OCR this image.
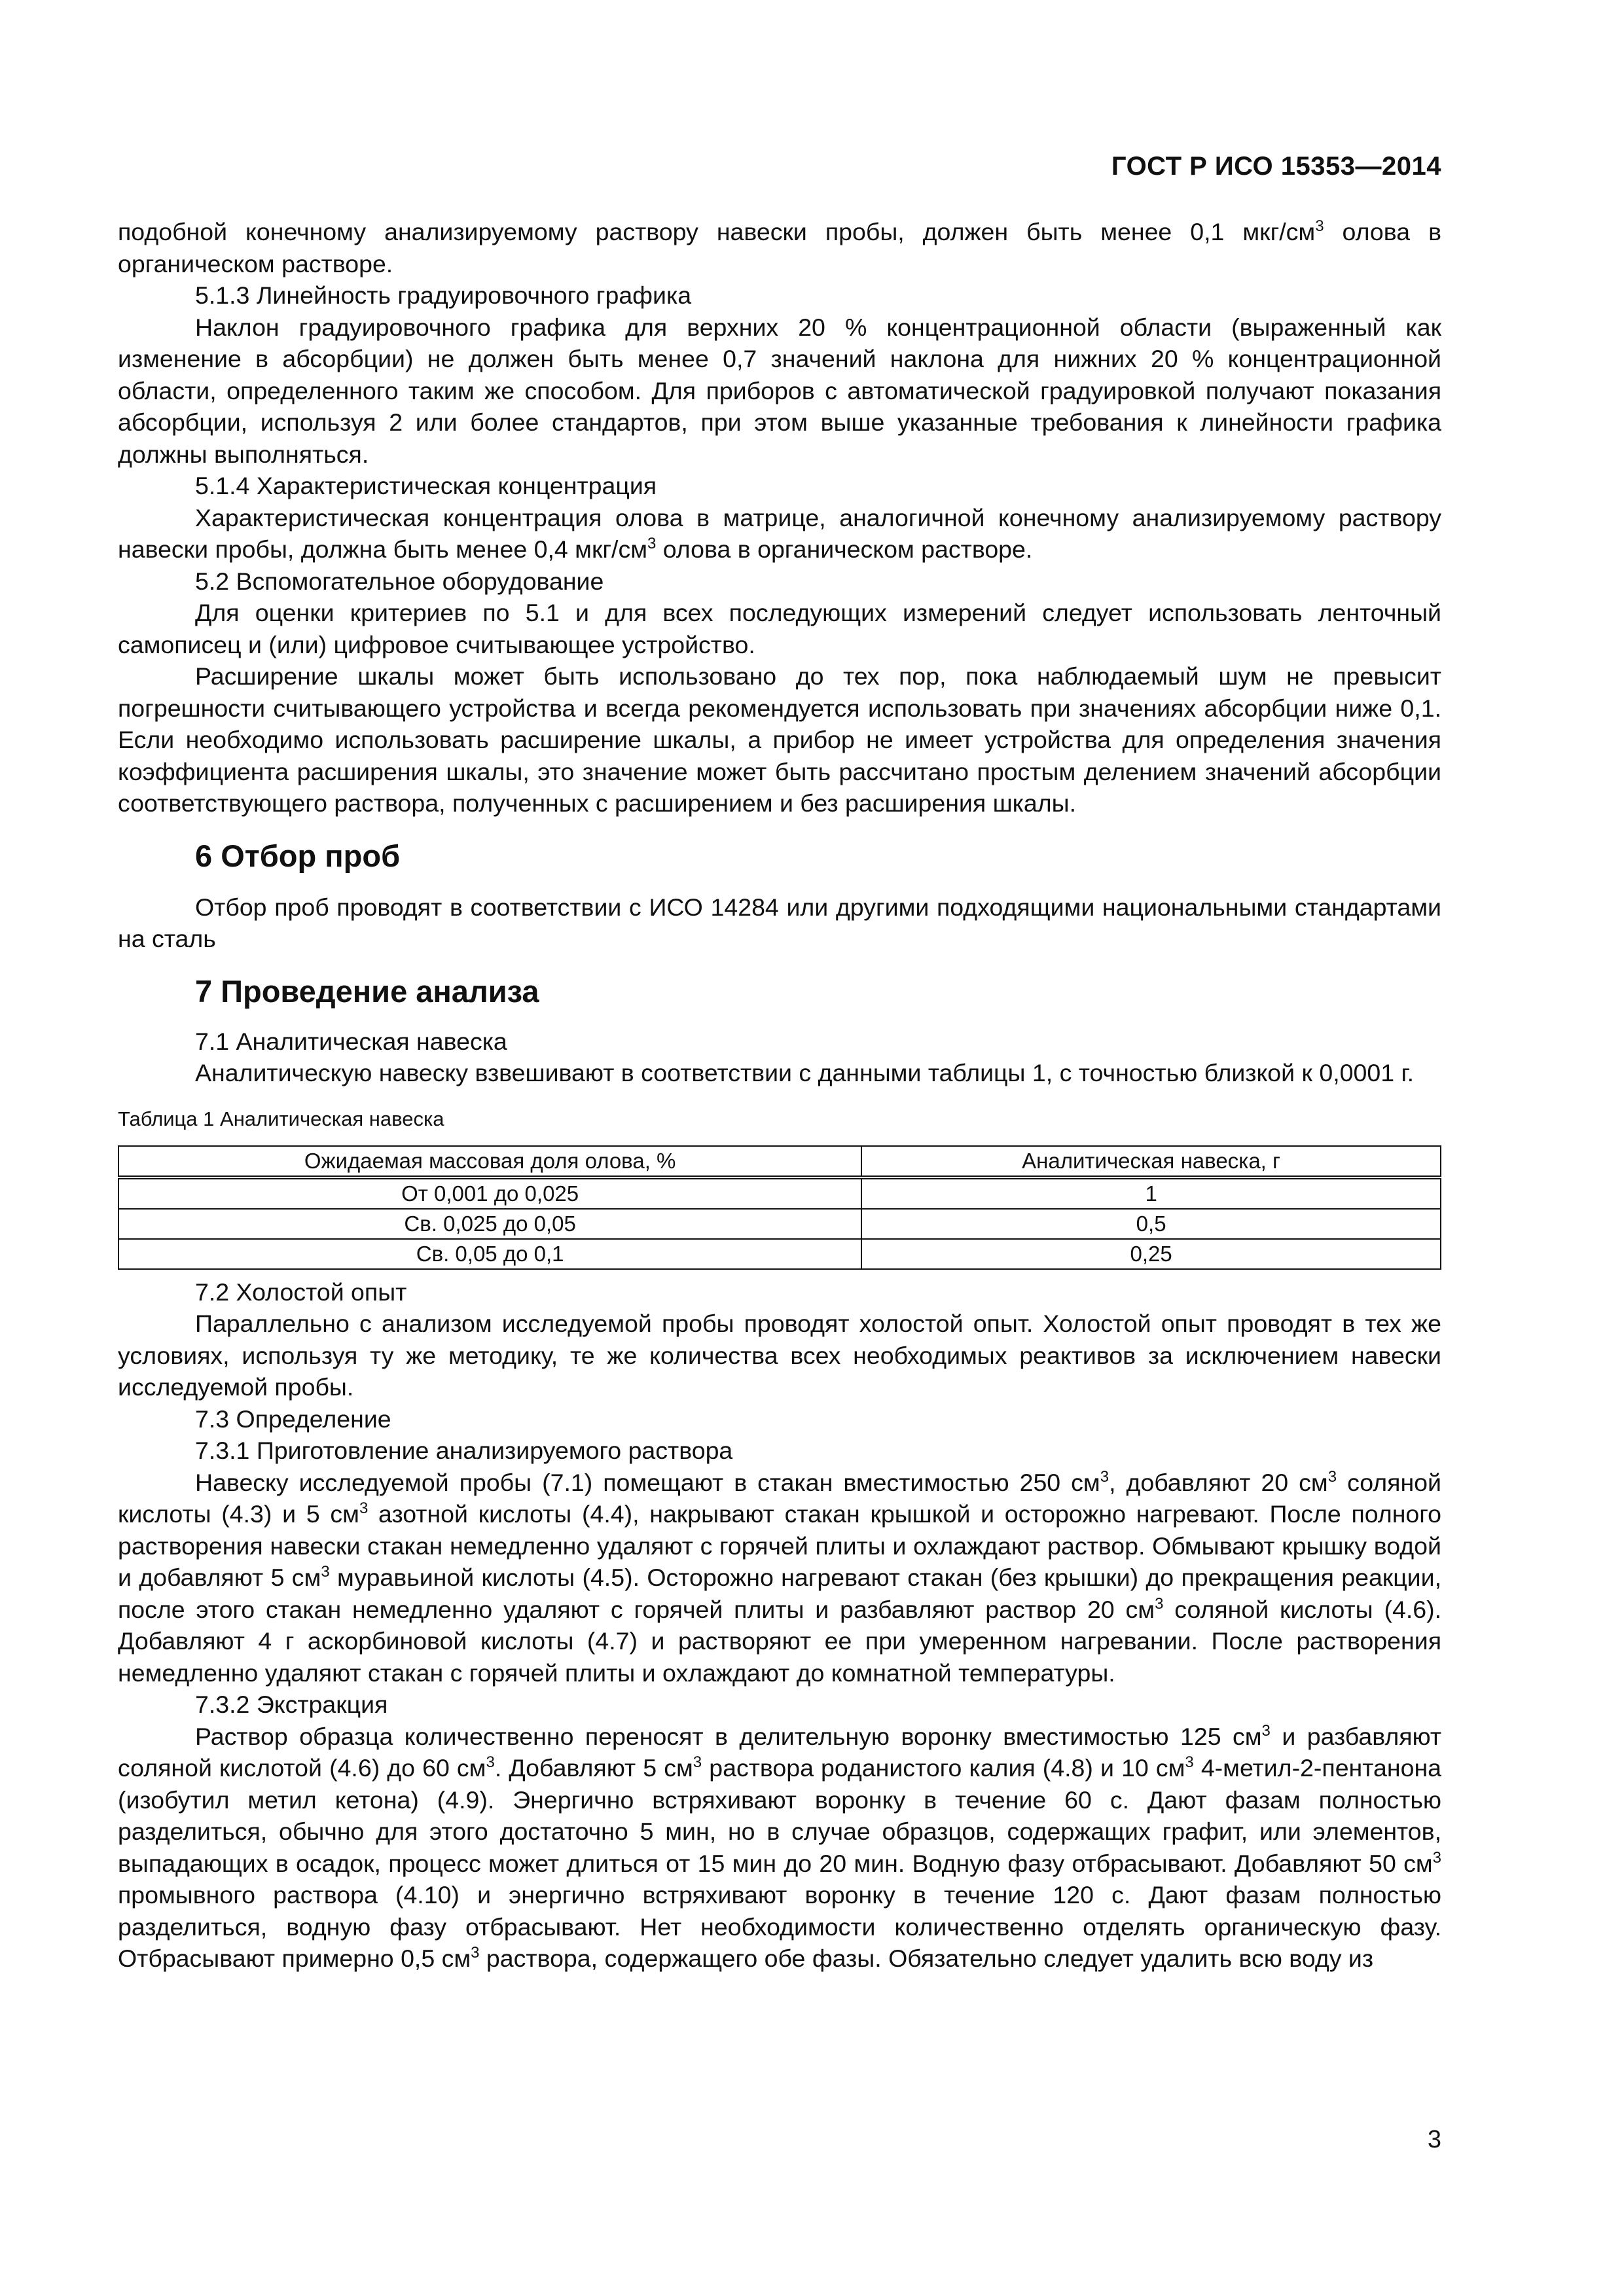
ГОСТ Р ИСО 15353—2014

подобной конечному анализируемому раствору навески пробы, должен быть менее 0,1 мкг/$см^3$ олова в органическом растворе.

5.1.3 Линейность градуировочного графика

Наклон градуировочного графика для верхних 20 % концентрационной области (выраженный как изменение в абсорбции) не должен быть менее 0,7 значений наклона для нижних 20 % концентрационной области, определенного таким же способом. Для приборов с автоматической градуировкой получают показания абсорбции, используя 2 или более стандартов, при этом выше указанные требования к линейности графика должны выполняться.

5.1.4 Характеристическая концентрация

Характеристическая концентрация олова в матрице, аналогичной конечному анализируемому раствору навески пробы, должна быть менее 0,4 мкг/$см^3$ олова в органическом растворе.

5.2 Вспомогательное оборудование

Для оценки критериев по 5.1 и для всех последующих измерений следует использовать ленточный самописец и (или) цифровое считывающее устройство.

Расширение шкалы может быть использовано до тех пор, пока наблюдаемый шум не превысит погрешности считывающего устройства и всегда рекомендуется использовать при значениях абсорбции ниже 0,1. Если необходимо использовать расширение шкалы, а прибор не имеет устройства для определения значения коэффициента расширения шкалы, это значение может быть рассчитано простым делением значений абсорбции соответствующего раствора, полученных с расширением и без расширения шкалы.

6 Отбор проб

Отбор проб проводят в соответствии с ИСО 14284 или другими подходящими национальными стандартами на сталь

7 Проведение анализа

7.1 Аналитическая навеска

Аналитическую навеску взвешивают в соответствии с данными таблицы 1, с точностью близкой к 0,0001 г.

Таблица 1 Аналитическая навеска
Ожидаемая массовая доля олова, %	Аналитическая навеска, г
От 0,001 до 0,025	1
Св. 0,025 до 0,05	0,5
Св. 0,05 до 0,1	0,25

7.2 Холостой опыт

Параллельно с анализом исследуемой пробы проводят холостой опыт. Холостой опыт проводят в тех же условиях, используя ту же методику, те же количества всех необходимых реактивов за исключением навески исследуемой пробы.

7.3 Определение

7.3.1 Приготовление анализируемого раствора

Навеску исследуемой пробы (7.1) помещают в стакан вместимостью 250 $см^3$, добавляют 20 $см^3$ соляной кислоты (4.3) и 5 $см^3$ азотной кислоты (4.4), накрывают стакан крышкой и осторожно нагревают. После полного растворения навески стакан немедленно удаляют с горячей плиты и охлаждают раствор. Обмывают крышку водой и добавляют 5 $см^3$ муравьиной кислоты (4.5). Осторожно нагревают стакан (без крышки) до прекращения реакции, после этого стакан немедленно удаляют с горячей плиты и разбавляют раствор 20 $см^3$ соляной кислоты (4.6). Добавляют 4 г аскорбиновой кислоты (4.7) и растворяют ее при умеренном нагревании. После растворения немедленно удаляют стакан с горячей плиты и охлаждают до комнатной температуры.

7.3.2 Экстракция

Раствор образца количественно переносят в делительную воронку вместимостью 125 $см^3$ и разбавляют соляной кислотой (4.6) до 60 $см^3$. Добавляют 5 $см^3$ раствора роданистого калия (4.8) и 10 $см^3$ 4-метил-2-пентанона (изобутил метил кетона) (4.9). Энергично встряхивают воронку в течение 60 с. Дают фазам полностью разделиться, обычно для этого достаточно 5 мин, но в случае образцов, содержащих графит, или элементов, выпадающих в осадок, процесс может длиться от 15 мин до 20 мин. Водную фазу отбрасывают. Добавляют 50 $см^3$ промывного раствора (4.10) и энергично встряхивают воронку в течение 120 с. Дают фазам полностью разделиться, водную фазу отбрасывают. Нет необходимости количественно отделять органическую фазу. Отбрасывают примерно 0,5 $см^3$ раствора, содержащего обе фазы. Обязательно следует удалить всю воду из

3
